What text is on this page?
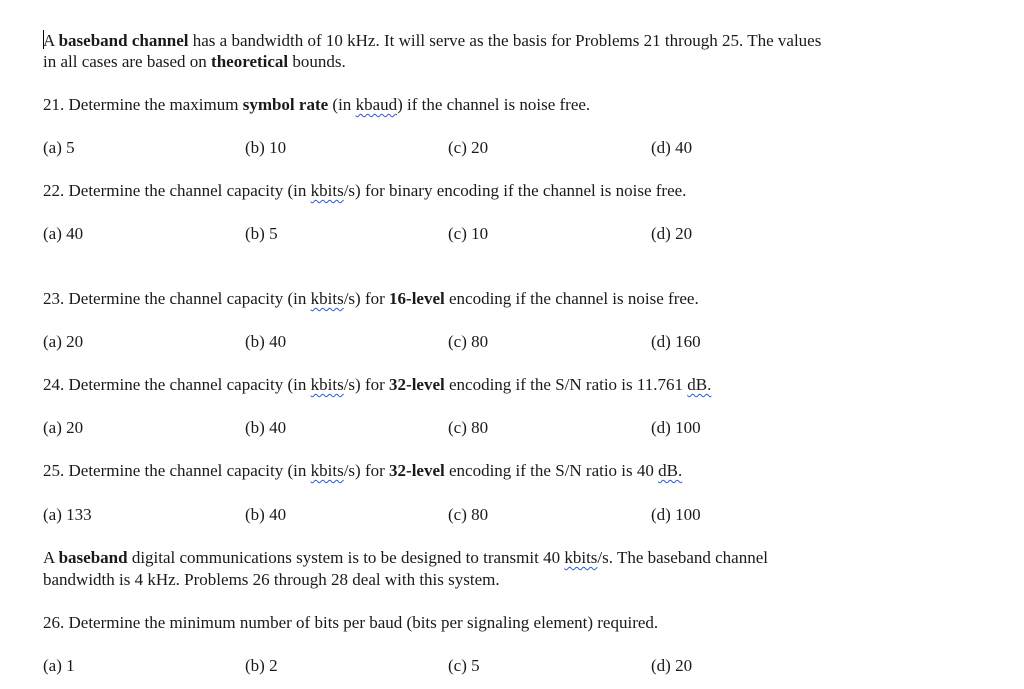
A baseband channel has a bandwidth of 10 kHz. It will serve as the basis for Problems 21 through 25. The values
in all cases are based on theoretical bounds.
21. Determine the maximum symbol rate (in kbaud) if the channel is noise free.
(a) 5	(b) 10	(c) 20	(d) 40
22. Determine the channel capacity (in kbits/s) for binary encoding if the channel is noise free.
(a) 40	(b) 5	(c) 10	(d) 20
23. Determine the channel capacity (in kbits/s) for 16-level encoding if the channel is noise free.
(a) 20	(b) 40	(c) 80	(d) 160
24. Determine the channel capacity (in kbits/s) for 32-level encoding if the S/N ratio is 11.761 dB.
(a) 20	(b) 40	(c) 80	(d) 100
25. Determine the channel capacity (in kbits/s) for 32-level encoding if the S/N ratio is 40 dB.
(a) 133	(b) 40	(c) 80	(d) 100
A baseband digital communications system is to be designed to transmit 40 kbits/s. The baseband channel
bandwidth is 4 kHz. Problems 26 through 28 deal with this system.
26. Determine the minimum number of bits per baud (bits per signaling element) required.
(a) 1	(b) 2	(c) 5	(d) 20
